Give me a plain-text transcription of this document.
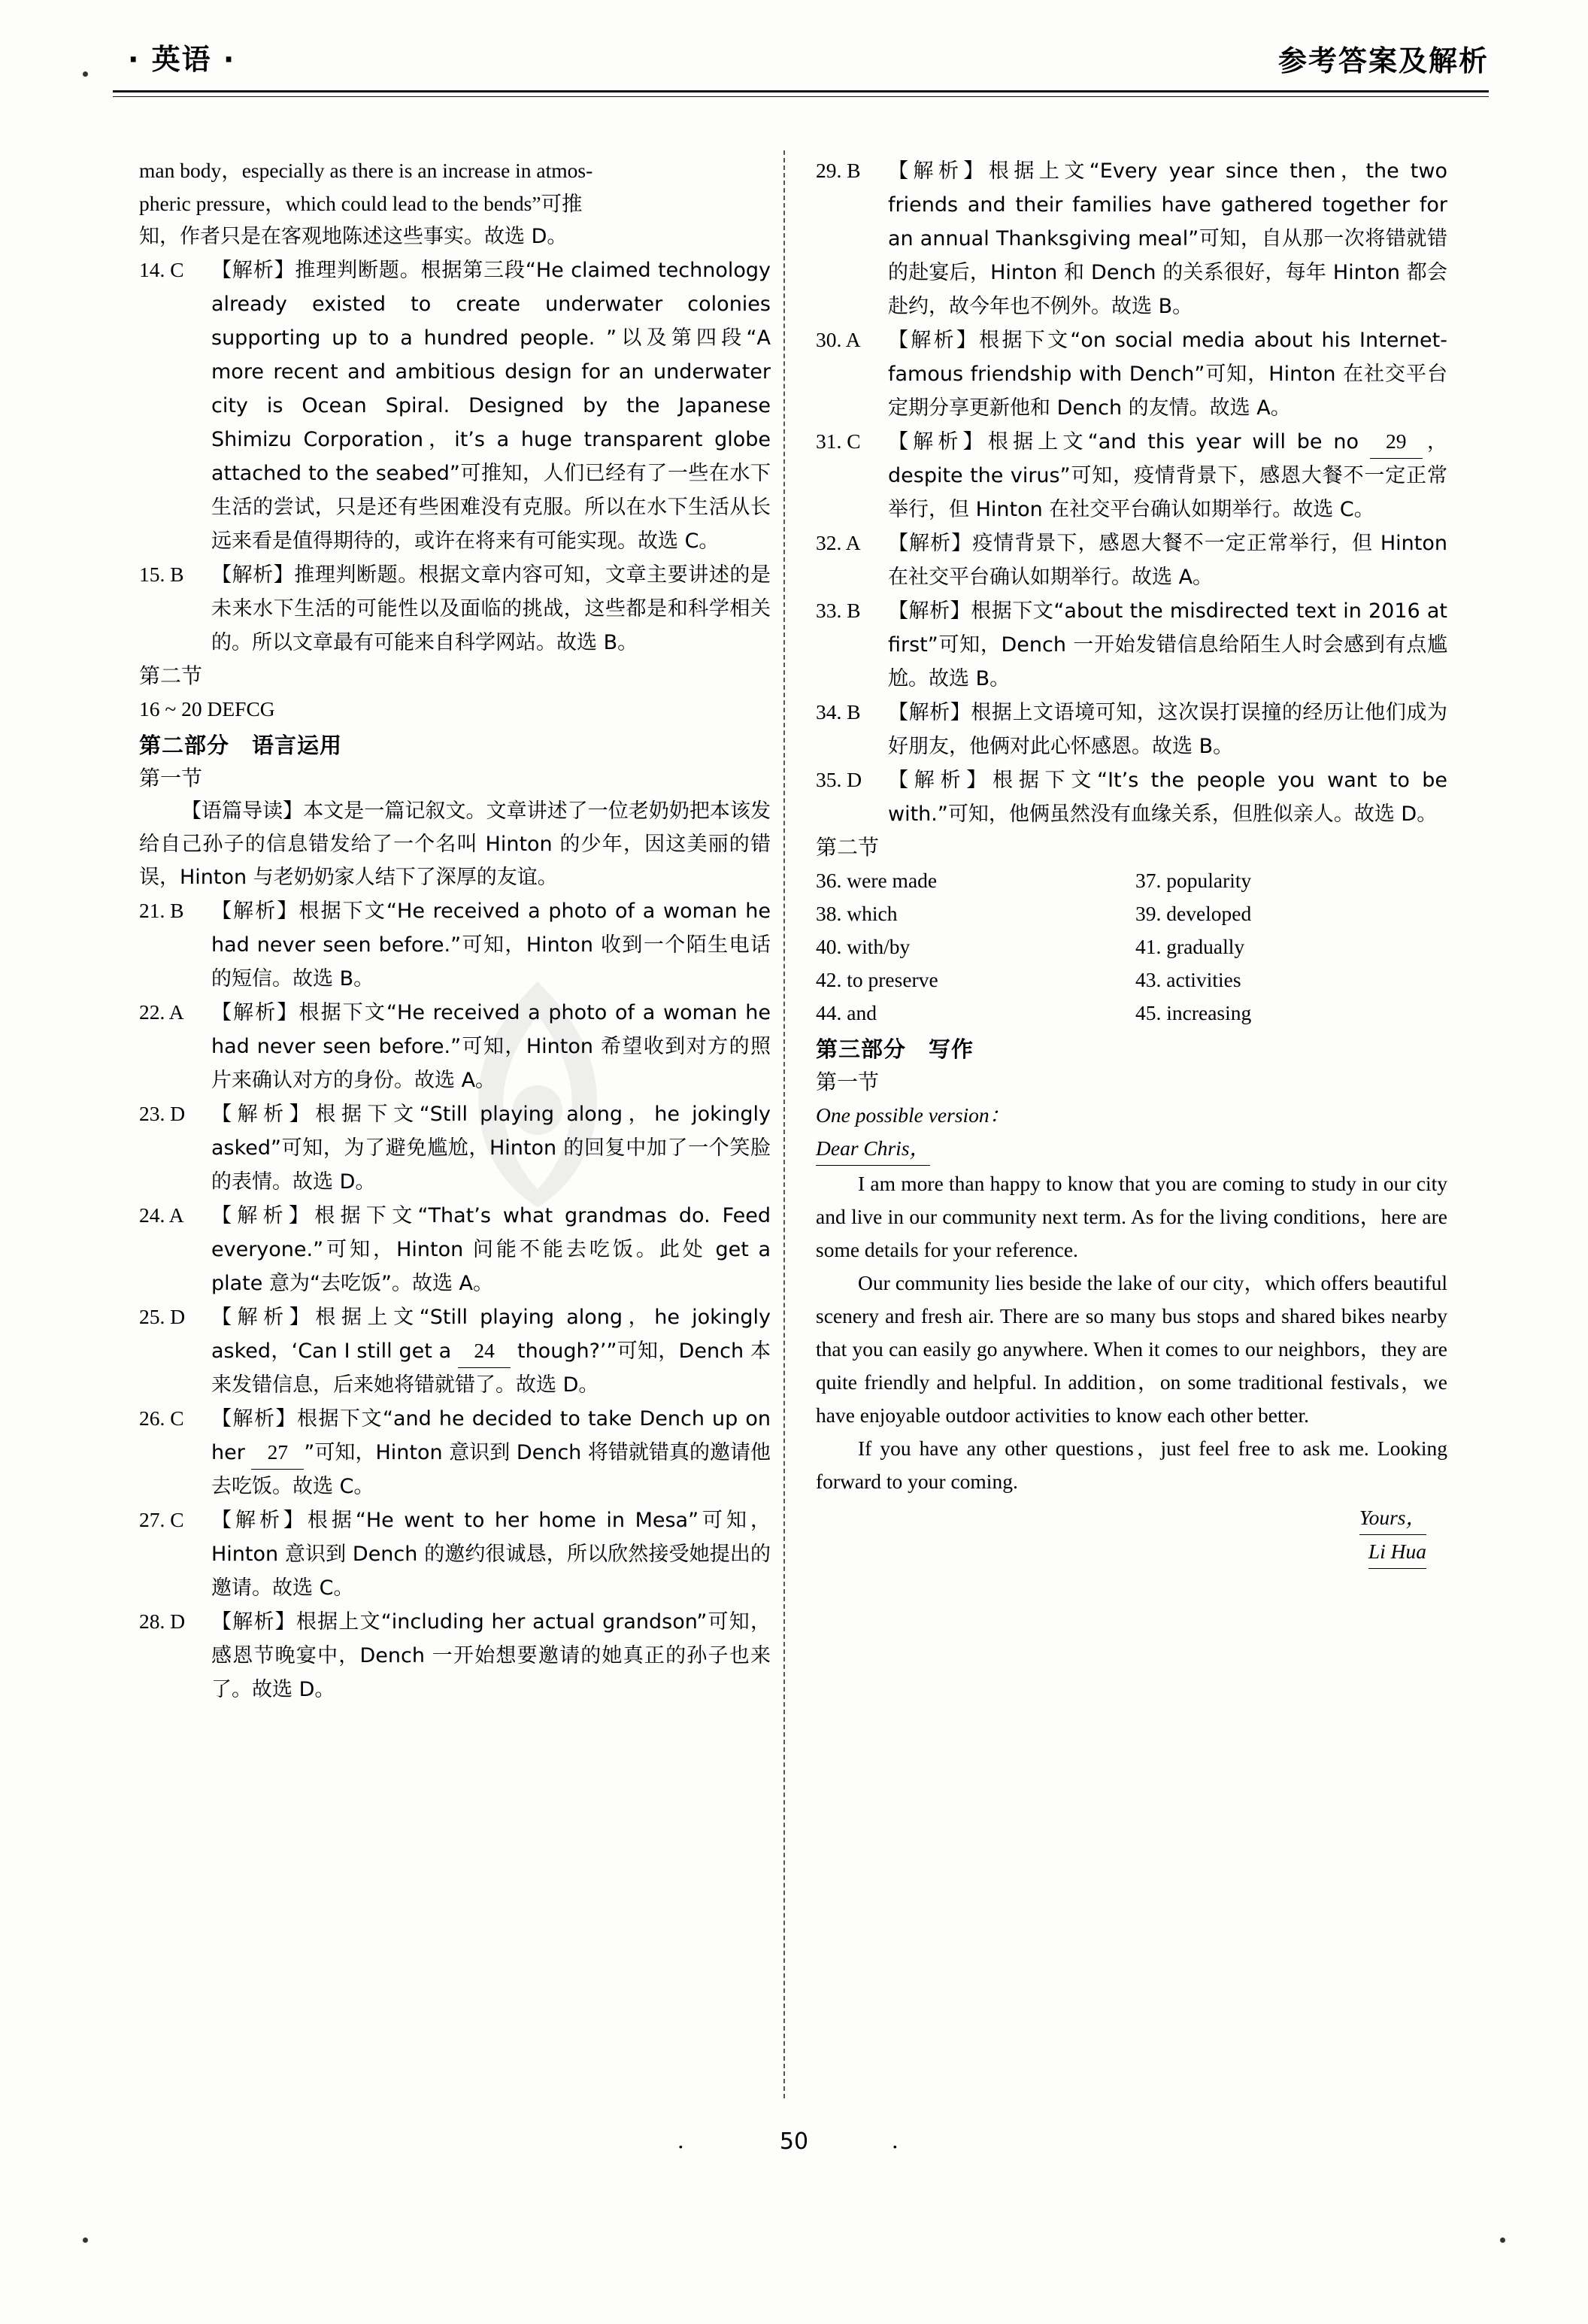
· 英语 ·	参考答案及解析

man body，especially as there is an increase in atmos-

pheric pressure，which could lead to the bends”可推

知，作者只是在客观地陈述这些事实。故选 D。

14. C	【解析】推理判断题。根据第三段“He claimed technology already existed to create underwater colonies supporting up to a hundred people. ”以及第四段“A more recent and ambitious design for an underwater city is Ocean Spiral. Designed by the Japanese Shimizu Corporation，it’s a huge transparent globe attached to the seabed”可推知，人们已经有了一些在水下生活的尝试，只是还有些困难没有克服。所以在水下生活从长远来看是值得期待的，或许在将来有可能实现。故选 C。
15. B	【解析】推理判断题。根据文章内容可知，文章主要讲述的是未来水下生活的可能性以及面临的挑战，这些都是和科学相关的。所以文章最有可能来自科学网站。故选 B。

第二节

16 ~ 20 DEFCG

第二部分　语言运用

第一节

【语篇导读】本文是一篇记叙文。文章讲述了一位老奶奶把本该发给自己孙子的信息错发给了一个名叫 Hinton 的少年，因这美丽的错误，Hinton 与老奶奶家人结下了深厚的友谊。

21. B	【解析】根据下文“He received a photo of a woman he had never seen before.”可知，Hinton 收到一个陌生电话的短信。故选 B。
22. A	【解析】根据下文“He received a photo of a woman he had never seen before.”可知，Hinton 希望收到对方的照片来确认对方的身份。故选 A。
23. D	【解析】根据下文“Still playing along，he jokingly asked”可知，为了避免尴尬，Hinton 的回复中加了一个笑脸的表情。故选 D。
24. A	【解析】根据下文“That’s what grandmas do. Feed everyone.”可知，Hinton 问能不能去吃饭。此处 get a plate 意为“去吃饭”。故选 A。
25. D	【解析】根据上文“Still playing along，he jokingly asked，‘Can I still get a 24 though?’”可知，Dench 本来发错信息，后来她将错就错了。故选 D。
26. C	【解析】根据下文“and he decided to take Dench up on her 27 ”可知，Hinton 意识到 Dench 将错就错真的邀请他去吃饭。故选 C。
27. C	【解析】根据“He went to her home in Mesa”可知，Hinton 意识到 Dench 的邀约很诚恳，所以欣然接受她提出的邀请。故选 C。
28. D	【解析】根据上文“including her actual grandson”可知，感恩节晚宴中，Dench 一开始想要邀请的她真正的孙子也来了。故选 D。
29. B	【解析】根据上文“Every year since then，the two friends and their families have gathered together for an annual Thanksgiving meal”可知，自从那一次将错就错的赴宴后，Hinton 和 Dench 的关系很好，每年 Hinton 都会赴约，故今年也不例外。故选 B。
30. A	【解析】根据下文“on social media about his Internet-famous friendship with Dench”可知，Hinton 在社交平台定期分享更新他和 Dench 的友情。故选 A。
31. C	【解析】根据上文“and this year will be no 29 ，despite the virus”可知，疫情背景下，感恩大餐不一定正常举行，但 Hinton 在社交平台确认如期举行。故选 C。
32. A	【解析】疫情背景下，感恩大餐不一定正常举行，但 Hinton 在社交平台确认如期举行。故选 A。
33. B	【解析】根据下文“about the misdirected text in 2016 at first”可知，Dench 一开始发错信息给陌生人时会感到有点尴尬。故选 B。
34. B	【解析】根据上文语境可知，这次误打误撞的经历让他们成为好朋友，他俩对此心怀感恩。故选 B。
35. D	【解析】根据下文“It’s the people you want to be with.”可知，他俩虽然没有血缘关系，但胜似亲人。故选 D。

第二节

36. were made	37. popularity
38. which	39. developed
40. with/by	41. gradually
42. to preserve	43. activities
44. and	45. increasing

第三部分　写作

第一节

One possible version：

Dear Chris，

I am more than happy to know that you are coming to study in our city and live in our community next term. As for the living conditions，here are some details for your reference.

Our community lies beside the lake of our city，which offers beautiful scenery and fresh air. There are so many bus stops and shared bikes nearby that you can easily go anywhere. When it comes to our neighbors，they are quite friendly and helpful. In addition，on some traditional festivals，we have enjoyable outdoor activities to know each other better.

If you have any other questions，just feel free to ask me. Looking forward to your coming.

Yours，

Li Hua

·	50	·
